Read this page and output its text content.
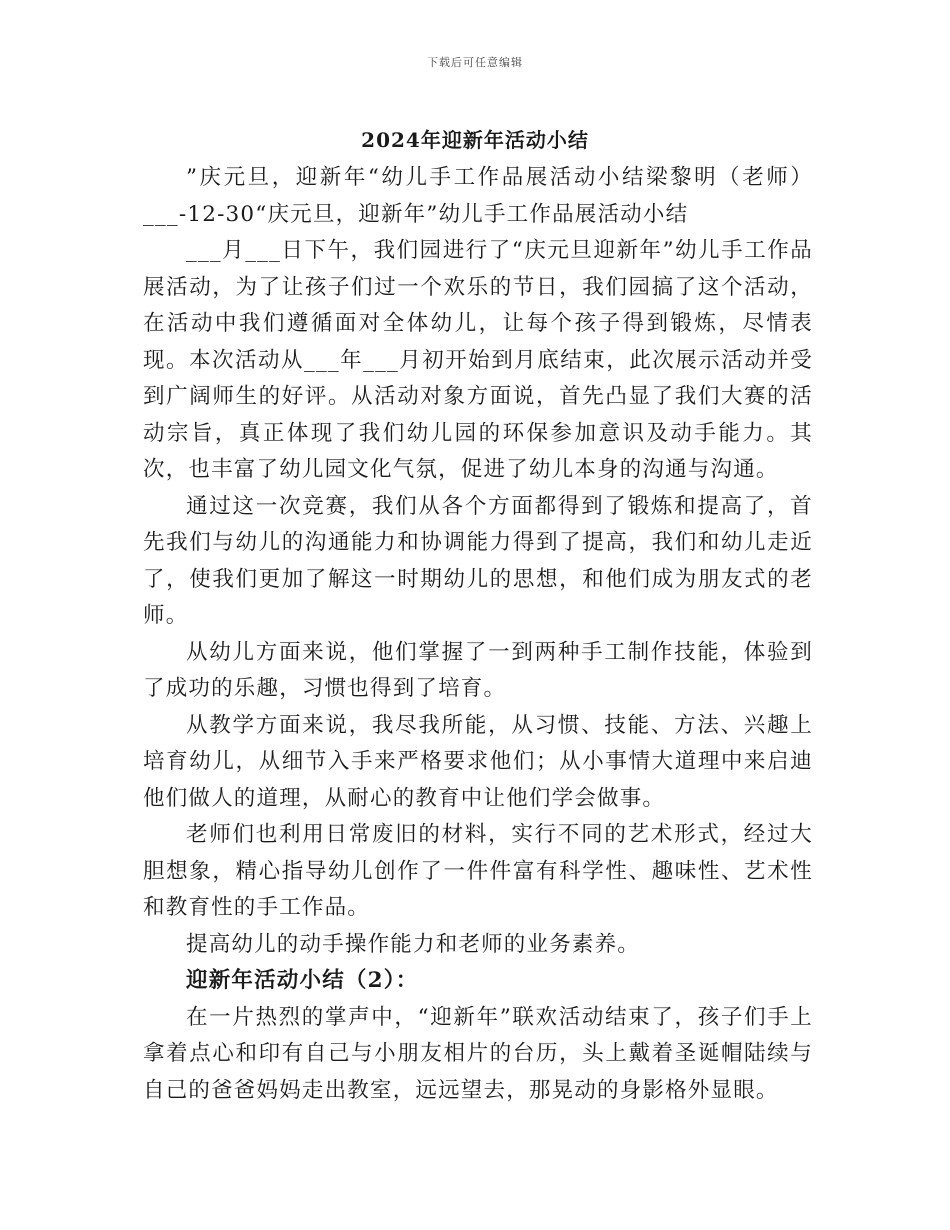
下载后可任意编辑
2024年迎新年活动小结

”庆元旦，迎新年“幼儿手工作品展活动小结梁黎明（老师）___-12-30“庆元旦，迎新年”幼儿手工作品展活动小结

___月___日下午，我们园进行了“庆元旦迎新年”幼儿手工作品展活动，为了让孩子们过一个欢乐的节日，我们园搞了这个活动，在活动中我们遵循面对全体幼儿，让每个孩子得到锻炼，尽情表现。本次活动从___年___月初开始到月底结束，此次展示活动并受到广阔师生的好评。从活动对象方面说，首先凸显了我们大赛的活动宗旨，真正体现了我们幼儿园的环保参加意识及动手能力。其次，也丰富了幼儿园文化气氛，促进了幼儿本身的沟通与沟通。

通过这一次竞赛，我们从各个方面都得到了锻炼和提高了，首先我们与幼儿的沟通能力和协调能力得到了提高，我们和幼儿走近了，使我们更加了解这一时期幼儿的思想，和他们成为朋友式的老师。

从幼儿方面来说，他们掌握了一到两种手工制作技能，体验到了成功的乐趣，习惯也得到了培育。

从教学方面来说，我尽我所能，从习惯、技能、方法、兴趣上培育幼儿，从细节入手来严格要求他们；从小事情大道理中来启迪他们做人的道理，从耐心的教育中让他们学会做事。

老师们也利用日常废旧的材料，实行不同的艺术形式，经过大胆想象，精心指导幼儿创作了一件件富有科学性、趣味性、艺术性和教育性的手工作品。

提高幼儿的动手操作能力和老师的业务素养。

迎新年活动小结（2）：

在一片热烈的掌声中，“迎新年”联欢活动结束了，孩子们手上拿着点心和印有自己与小朋友相片的台历，头上戴着圣诞帽陆续与自己的爸爸妈妈走出教室，远远望去，那晃动的身影格外显眼。
